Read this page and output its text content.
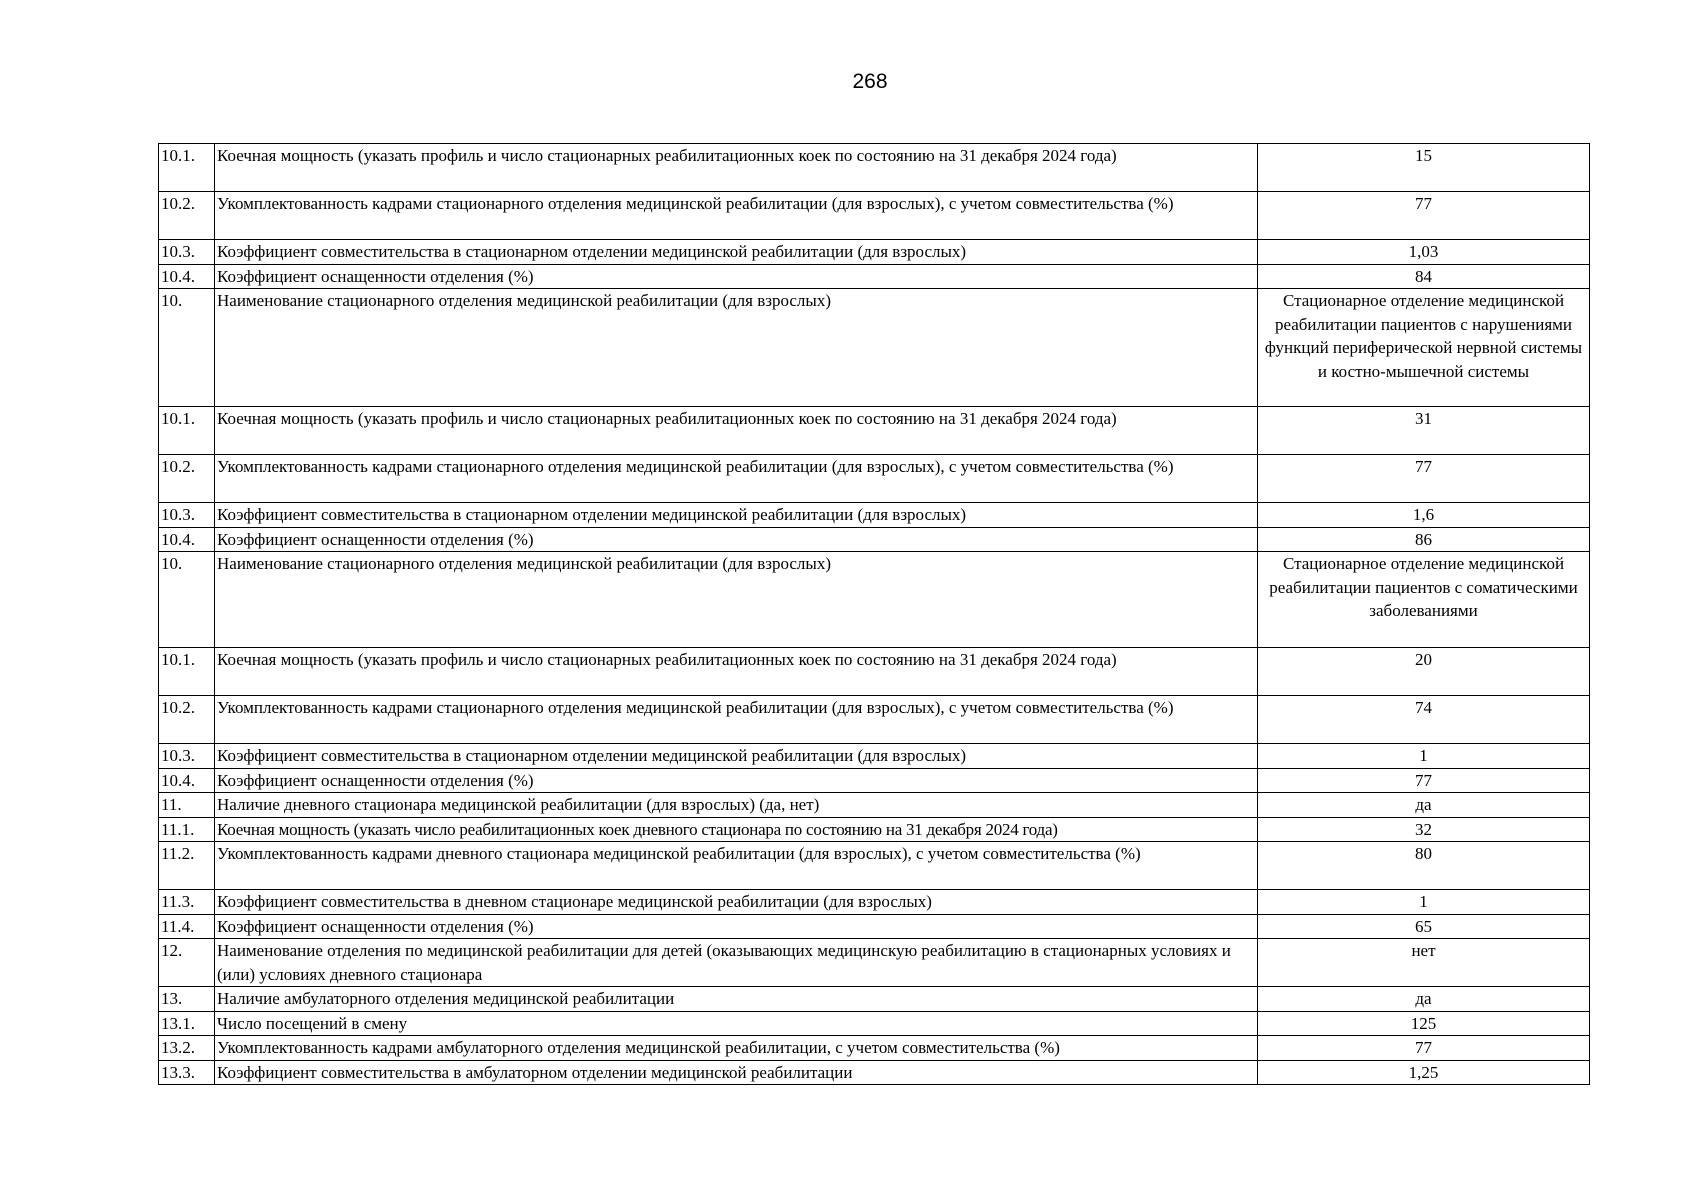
268
10.1.	Коечная мощность (указать профиль и число стационарных реабилитационных коек по состоянию на 31 декабря 2024 года)	15
10.2.	Укомплектованность кадрами стационарного отделения медицинской реабилитации (для взрослых), с учетом совместительства (%)	77
10.3.	Коэффициент совместительства в стационарном отделении медицинской реабилитации (для взрослых)	1,03
10.4.	Коэффициент оснащенности отделения (%)	84
10.	Наименование стационарного отделения медицинской реабилитации (для взрослых)	Стационарное отделение медицинской реабилитации пациентов с нарушениями функций периферической нервной системы и костно-мышечной системы
10.1.	Коечная мощность (указать профиль и число стационарных реабилитационных коек по состоянию на 31 декабря 2024 года)	31
10.2.	Укомплектованность кадрами стационарного отделения медицинской реабилитации (для взрослых), с учетом совместительства (%)	77
10.3.	Коэффициент совместительства в стационарном отделении медицинской реабилитации (для взрослых)	1,6
10.4.	Коэффициент оснащенности отделения (%)	86
10.	Наименование стационарного отделения медицинской реабилитации (для взрослых)	Стационарное отделение медицинской реабилитации пациентов с соматическими заболеваниями
10.1.	Коечная мощность (указать профиль и число стационарных реабилитационных коек по состоянию на 31 декабря 2024 года)	20
10.2.	Укомплектованность кадрами стационарного отделения медицинской реабилитации (для взрослых), с учетом совместительства (%)	74
10.3.	Коэффициент совместительства в стационарном отделении медицинской реабилитации (для взрослых)	1
10.4.	Коэффициент оснащенности отделения (%)	77
11.	Наличие дневного стационара медицинской реабилитации (для взрослых) (да, нет)	да
11.1.	Коечная мощность (указать число реабилитационных коек дневного стационара по состоянию на 31 декабря 2024 года)	32
11.2.	Укомплектованность кадрами дневного стационара медицинской реабилитации (для взрослых), с учетом совместительства (%)	80
11.3.	Коэффициент совместительства в дневном стационаре медицинской реабилитации (для взрослых)	1
11.4.	Коэффициент оснащенности отделения (%)	65
12.	Наименование отделения по медицинской реабилитации для детей (оказывающих медицинскую реабилитацию в стационарных условиях и (или) условиях дневного стационара	нет
13.	Наличие амбулаторного отделения медицинской реабилитации	да
13.1.	Число посещений в смену	125
13.2.	Укомплектованность кадрами амбулаторного отделения медицинской реабилитации, с учетом совместительства (%)	77
13.3.	Коэффициент совместительства в амбулаторном отделении медицинской реабилитации	1,25
